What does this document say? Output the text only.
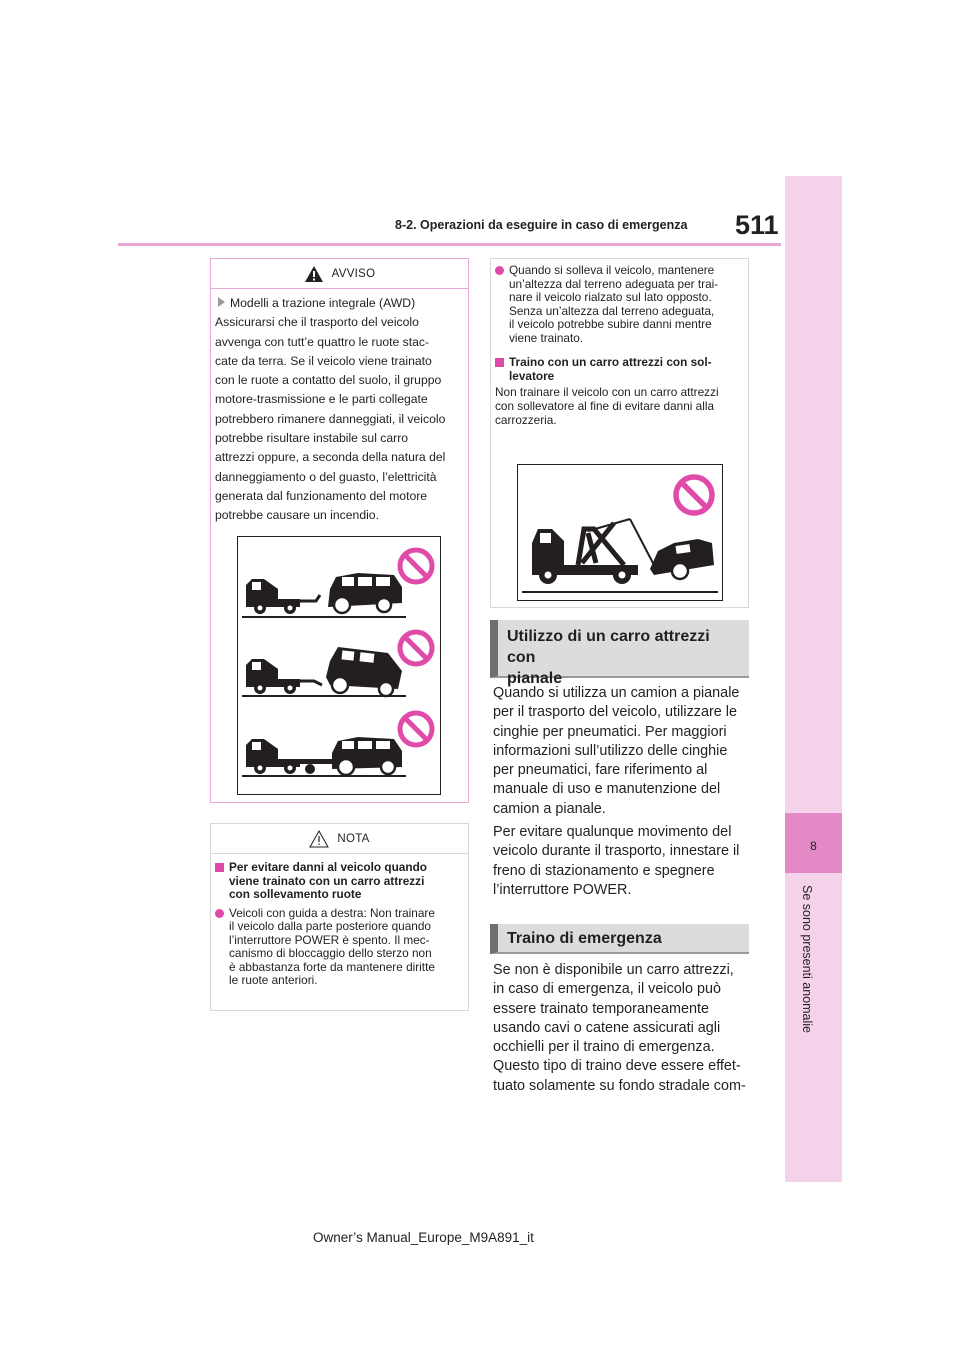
8-2. Operazioni da eseguire in caso di emergenza 511
8
Se sono presenti anomalie
AVVISO
Modelli a trazione integrale (AWD)
Assicurarsi che il trasporto del veicolo
avvenga con tutt’e quattro le ruote stac-
cate da terra. Se il veicolo viene trainato
con le ruote a contatto del suolo, il gruppo
motore-trasmissione e le parti collegate
potrebbero rimanere danneggiati, il veicolo
potrebbe risultare instabile sul carro
attrezzi oppure, a seconda della natura del
danneggiamento o del guasto, l’elettricità
generata dal funzionamento del motore
potrebbe causare un incendio.
NOTA
Per evitare danni al veicolo quando
viene trainato con un carro attrezzi
con sollevamento ruote
Veicoli con guida a destra: Non trainare
il veicolo dalla parte posteriore quando
l’interruttore POWER è spento. Il mec-
canismo di bloccaggio dello sterzo non
è abbastanza forte da mantenere diritte
le ruote anteriori.
Quando si solleva il veicolo, mantenere
un’altezza dal terreno adeguata per trai-
nare il veicolo rialzato sul lato opposto.
Senza un’altezza dal terreno adeguata,
il veicolo potrebbe subire danni mentre
viene trainato.
Traino con un carro attrezzi con sol-
levatore
Non trainare il veicolo con un carro attrezzi
con sollevatore al fine di evitare danni alla
carrozzeria.
Utilizzo di un carro attrezzi con
pianale
Quando si utilizza un camion a pianale
per il trasporto del veicolo, utilizzare le
cinghie per pneumatici. Per maggiori
informazioni sull’utilizzo delle cinghie
per pneumatici, fare riferimento al
manuale di uso e manutenzione del
camion a pianale.
Per evitare qualunque movimento del
veicolo durante il trasporto, innestare il
freno di stazionamento e spegnere
l’interruttore POWER.
Traino di emergenza
Se non è disponibile un carro attrezzi,
in caso di emergenza, il veicolo può
essere trainato temporaneamente
usando cavi o catene assicurati agli
occhielli per il traino di emergenza.
Questo tipo di traino deve essere effet-
tuato solamente su fondo stradale com-
Owner’s Manual_Europe_M9A891_it
